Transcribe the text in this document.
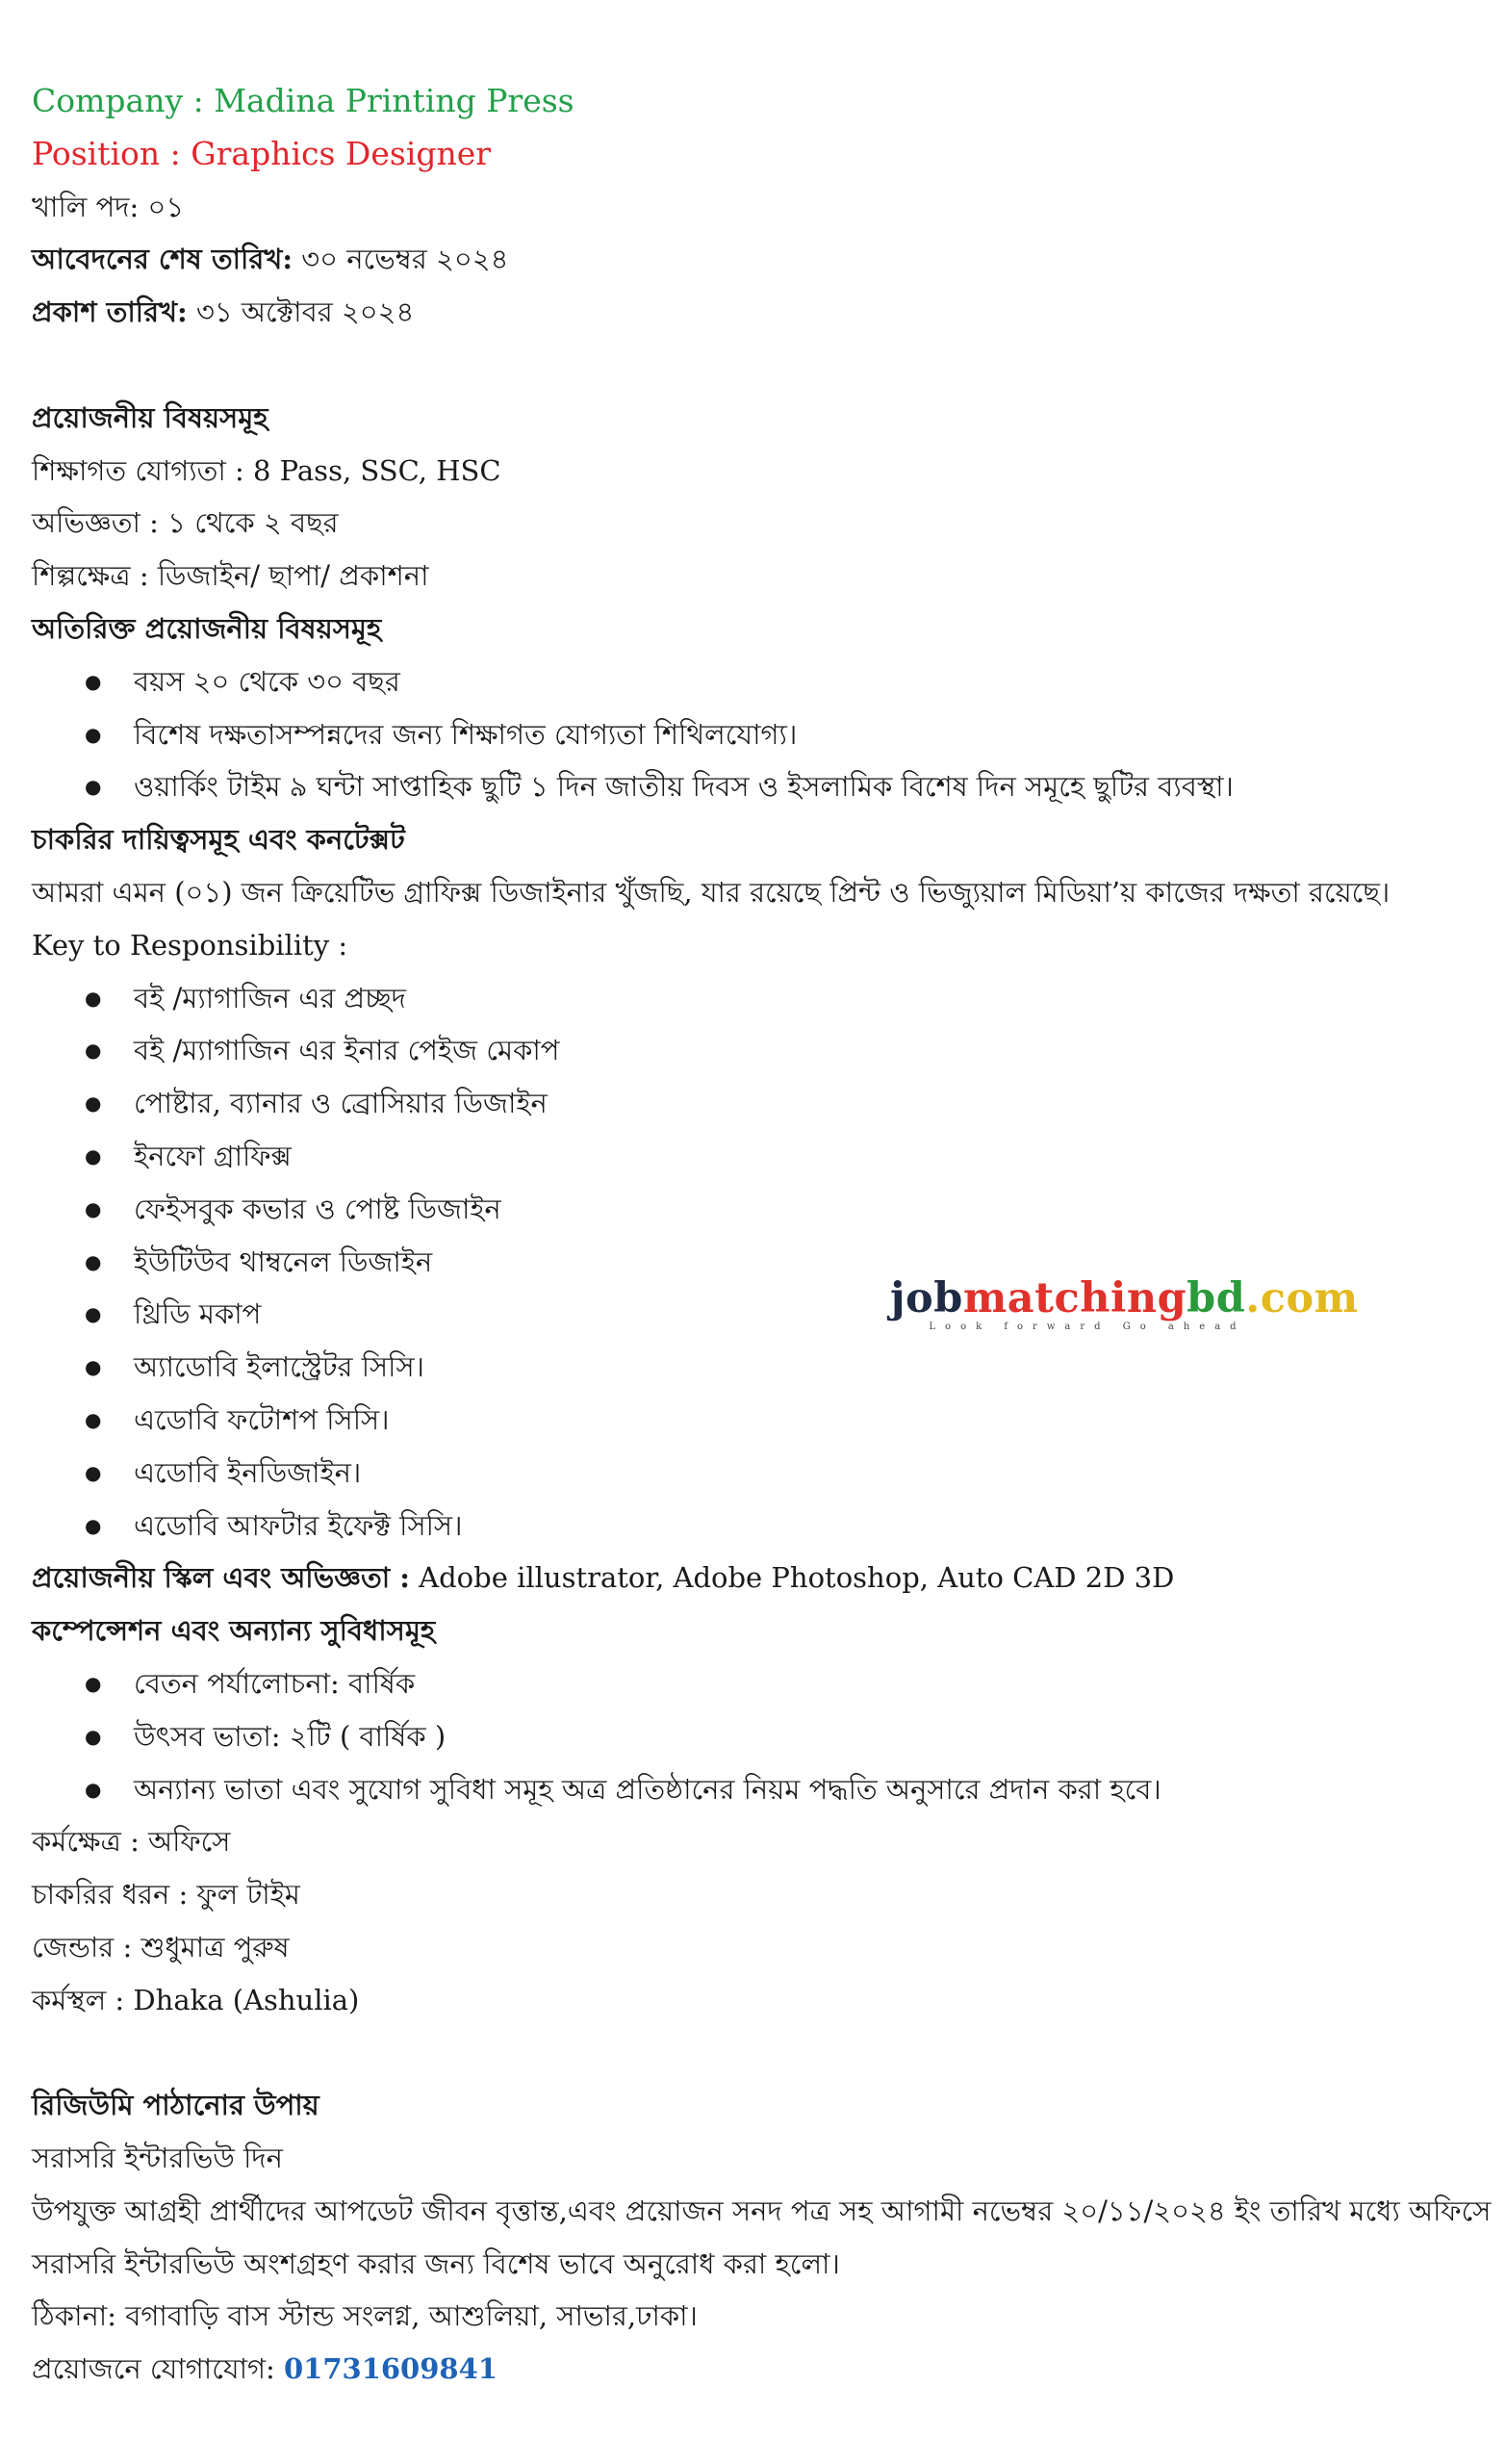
Company : Madina Printing Press

Position : Graphics Designer

খালি পদ: ০১

আবেদনের শেষ তারিখ: ৩০ নভেম্বর ২০২৪

প্রকাশ তারিখ: ৩১ অক্টোবর ২০২৪

প্রয়োজনীয় বিষয়সমূহ

শিক্ষাগত যোগ্যতা : 8 Pass, SSC, HSC

অভিজ্ঞতা : ১ থেকে ২ বছর

শিল্পক্ষেত্র : ডিজাইন/ ছাপা/ প্রকাশনা

অতিরিক্ত প্রয়োজনীয় বিষয়সমূহ

● বয়স ২০ থেকে ৩০ বছর
● বিশেষ দক্ষতাসম্পন্নদের জন্য শিক্ষাগত যোগ্যতা শিথিলযোগ্য।
● ওয়ার্কিং টাইম ৯ ঘন্টা সাপ্তাহিক ছুটি ১ দিন জাতীয় দিবস ও ইসলামিক বিশেষ দিন সমূহে ছুটির ব্যবস্থা।

চাকরির দায়িত্বসমূহ এবং কনটেক্সট

আমরা এমন (০১) জন ক্রিয়েটিভ গ্রাফিক্স ডিজাইনার খুঁজছি, যার রয়েছে প্রিন্ট ও ভিজ্যুয়াল মিডিয়া’য় কাজের দক্ষতা রয়েছে।

Key to Responsibility :

● বই /ম্যাগাজিন এর প্রচ্ছদ
● বই /ম্যাগাজিন এর ইনার পেইজ মেকাপ
● পোষ্টার, ব্যানার ও ব্রোসিয়ার ডিজাইন
● ইনফো গ্রাফিক্স
● ফেইসবুক কভার ও পোষ্ট ডিজাইন
● ইউটিউব থাম্বনেল ডিজাইন
● থ্রিডি মকাপ
● অ্যাডোবি ইলাস্ট্রেটর সিসি।
● এডোবি ফটোশপ সিসি।
● এডোবি ইনডিজাইন।
● এডোবি আফটার ইফেক্ট সিসি।

প্রয়োজনীয় স্কিল এবং অভিজ্ঞতা : Adobe illustrator, Adobe Photoshop, Auto CAD 2D 3D

কম্পেন্সেশন এবং অন্যান্য সুবিধাসমূহ

● বেতন পর্যালোচনা: বার্ষিক
● উৎসব ভাতা: ২টি ( বার্ষিক )
● অন্যান্য ভাতা এবং সুযোগ সুবিধা সমূহ অত্র প্রতিষ্ঠানের নিয়ম পদ্ধতি অনুসারে প্রদান করা হবে।

কর্মক্ষেত্র : অফিসে

চাকরির ধরন : ফুল টাইম

জেন্ডার : শুধুমাত্র পুরুষ

কর্মস্থল : Dhaka (Ashulia)

রিজিউমি পাঠানোর উপায়

সরাসরি ইন্টারভিউ দিন

উপযুক্ত আগ্রহী প্রার্থীদের আপডেট জীবন বৃত্তান্ত,এবং প্রয়োজন সনদ পত্র সহ আগামী নভেম্বর ২০/১১/২০২৪ ইং তারিখ মধ্যে অফিসে

সরাসরি ইন্টারভিউ অংশগ্রহণ করার জন্য বিশেষ ভাবে অনুরোধ করা হলো।

ঠিকানা: বগাবাড়ি বাস স্টান্ড সংলগ্ন, আশুলিয়া, সাভার,ঢাকা।

প্রয়োজনে যোগাযোগ: 01731609841

jobmatchingbd.com
Look forward Go ahead
